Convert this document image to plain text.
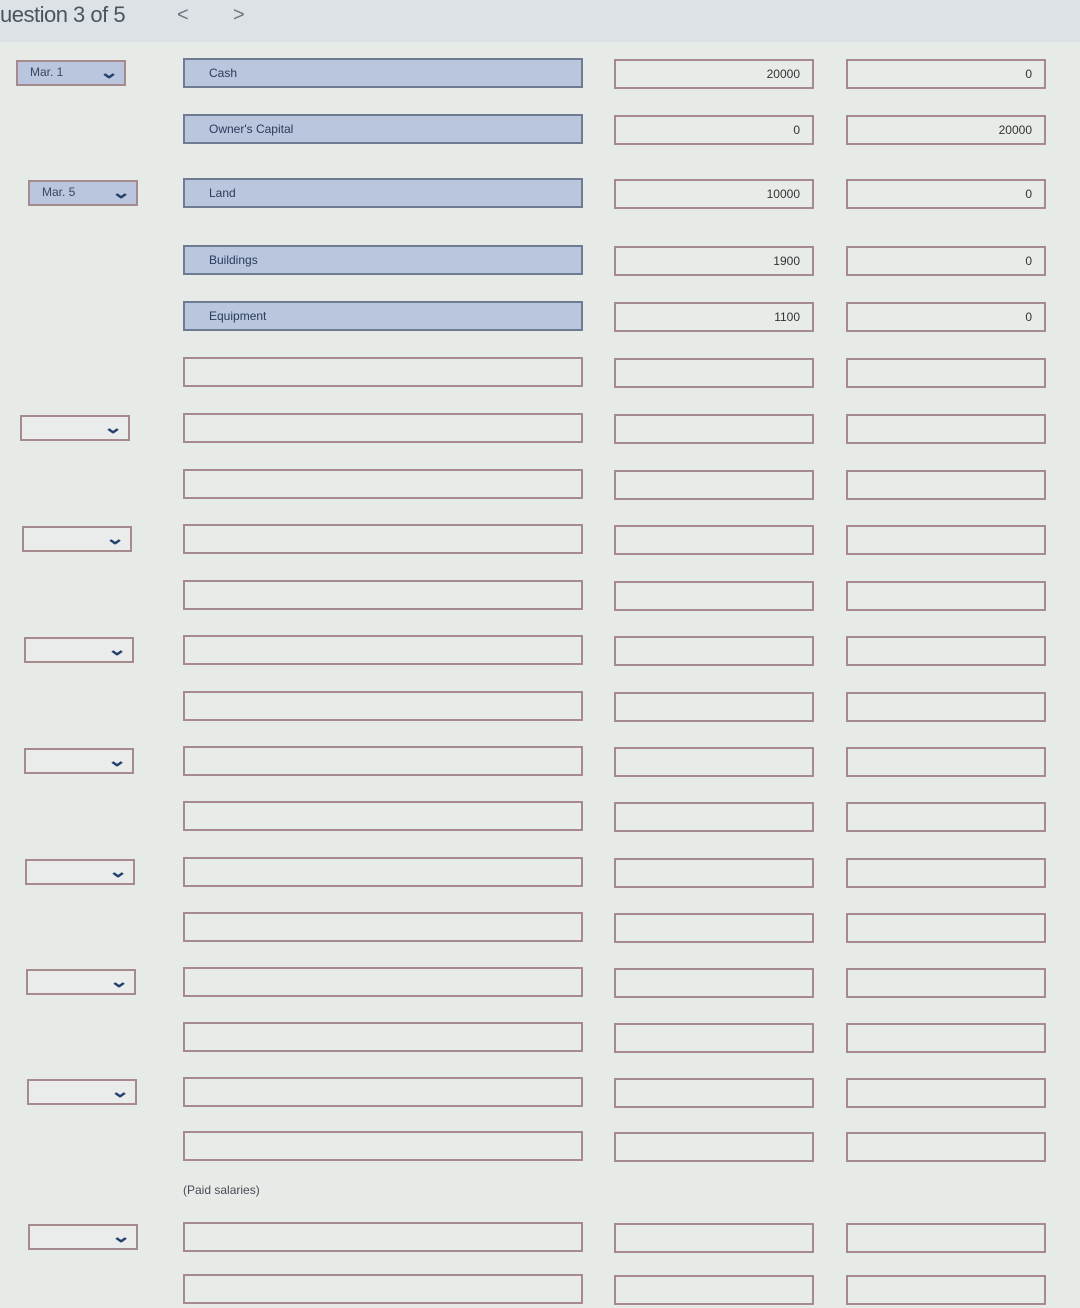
uestion 3 of 5	< >
Mar. 1 ⌄
Cash
20000
0
Owner's Capital
0
20000
Mar. 5 ⌄
Land
10000
0
Buildings
1900
0
Equipment
1100
0
⌄
⌄
⌄
⌄
⌄
⌄
⌄
(Paid salaries)
⌄
